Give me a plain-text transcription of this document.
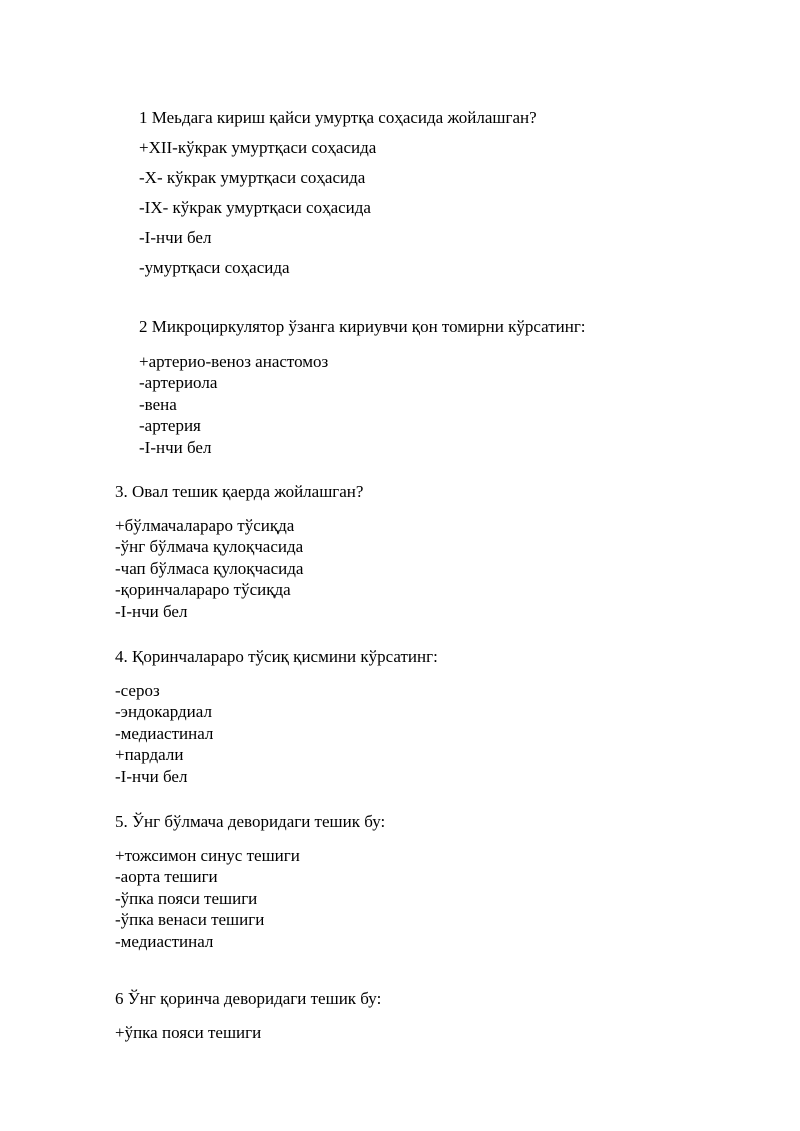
1 Меьдага кириш қайси умуртқа соҳасида жойлашган?
+XII-кўкрак умуртқаси соҳасида
-X- кўкрак умуртқаси соҳасида
-IX- кўкрак умуртқаси соҳасида
-I-нчи бел
-умуртқаси соҳасида
2 Микроциркулятор ўзанга кириувчи қон томирни кўрсатинг:
+артерио-веноз анастомоз
-артериола
-вена
-артерия
-I-нчи бел
3. Овал тешик қаерда жойлашган?
+бўлмачалараро тўсиқда
-ўнг бўлмача қулоқчасида
-чап бўлмаса қулоқчасида
-қоринчалараро тўсиқда
-I-нчи бел
4. Қоринчалараро тўсиқ қисмини кўрсатинг:
-сероз
-эндокардиал
-медиастинал
+пардали
-I-нчи бел
5. Ўнг бўлмача деворидаги тешик бу:
+тожсимон синус тешиги
-аорта тешиги
-ўпка пояси тешиги
-ўпка венаси тешиги
-медиастинал
6 Ўнг қоринча деворидаги тешик бу:
+ўпка пояси тешиги
